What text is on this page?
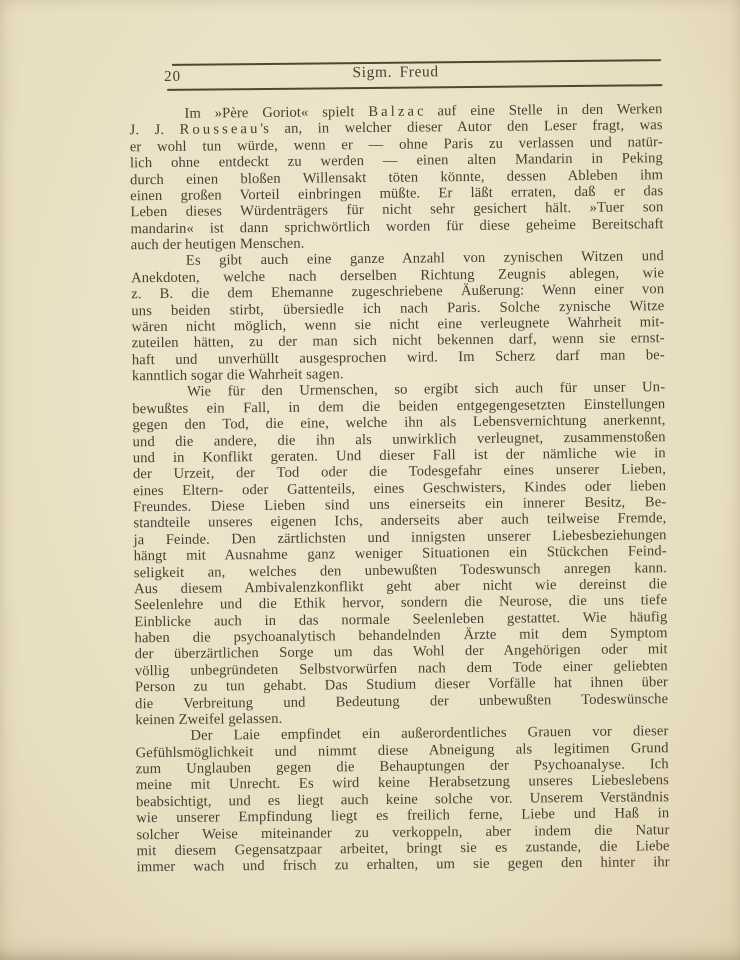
20	Sigm. Freud
Im »Père Goriot« spielt B a l z a c auf eine Stelle in den Werken
J. J. R o u s s e a u 's an, in welcher dieser Autor den Leser fragt, was
er wohl tun würde, wenn er — ohne Paris zu verlassen und natür-
lich ohne entdeckt zu werden — einen alten Mandarin in Peking
durch einen bloßen Willensakt töten könnte, dessen Ableben ihm
einen großen Vorteil einbringen müßte. Er läßt erraten, daß er das
Leben dieses Würdenträgers für nicht sehr gesichert hält. »Tuer son
mandarin« ist dann sprichwörtlich worden für diese geheime Bereitschaft
auch der heutigen Menschen.
Es gibt auch eine ganze Anzahl von zynischen Witzen und
Anekdoten, welche nach derselben Richtung Zeugnis ablegen, wie
z. B. die dem Ehemanne zugeschriebene Äußerung: Wenn einer von
uns beiden stirbt, übersiedle ich nach Paris. Solche zynische Witze
wären nicht möglich, wenn sie nicht eine verleugnete Wahrheit mit-
zuteilen hätten, zu der man sich nicht bekennen darf, wenn sie ernst-
haft und unverhüllt ausgesprochen wird. Im Scherz darf man be-
kanntlich sogar die Wahrheit sagen.
Wie für den Urmenschen, so ergibt sich auch für unser Un-
bewußtes ein Fall, in dem die beiden entgegengesetzten Einstellungen
gegen den Tod, die eine, welche ihn als Lebensvernichtung anerkennt,
und die andere, die ihn als unwirklich verleugnet, zusammenstoßen
und in Konflikt geraten. Und dieser Fall ist der nämliche wie in
der Urzeit, der Tod oder die Todesgefahr eines unserer Lieben,
eines Eltern- oder Gattenteils, eines Geschwisters, Kindes oder lieben
Freundes. Diese Lieben sind uns einerseits ein innerer Besitz, Be-
standteile unseres eigenen Ichs, anderseits aber auch teilweise Fremde,
ja Feinde. Den zärtlichsten und innigsten unserer Liebesbeziehungen
hängt mit Ausnahme ganz weniger Situationen ein Stückchen Feind-
seligkeit an, welches den unbewußten Todeswunsch anregen kann.
Aus diesem Ambivalenzkonflikt geht aber nicht wie dereinst die
Seelenlehre und die Ethik hervor, sondern die Neurose, die uns tiefe
Einblicke auch in das normale Seelenleben gestattet. Wie häufig
haben die psychoanalytisch behandelnden Ärzte mit dem Symptom
der überzärtlichen Sorge um das Wohl der Angehörigen oder mit
völlig unbegründeten Selbstvorwürfen nach dem Tode einer geliebten
Person zu tun gehabt. Das Studium dieser Vorfälle hat ihnen über
die Verbreitung und Bedeutung der unbewußten Todeswünsche
keinen Zweifel gelassen.
Der Laie empfindet ein außerordentliches Grauen vor dieser
Gefühlsmöglichkeit und nimmt diese Abneigung als legitimen Grund
zum Unglauben gegen die Behauptungen der Psychoanalyse. Ich
meine mit Unrecht. Es wird keine Herabsetzung unseres Liebeslebens
beabsichtigt, und es liegt auch keine solche vor. Unserem Verständnis
wie unserer Empfindung liegt es freilich ferne, Liebe und Haß in
solcher Weise miteinander zu verkoppeln, aber indem die Natur
mit diesem Gegensatzpaar arbeitet, bringt sie es zustande, die Liebe
immer wach und frisch zu erhalten, um sie gegen den hinter ihr
